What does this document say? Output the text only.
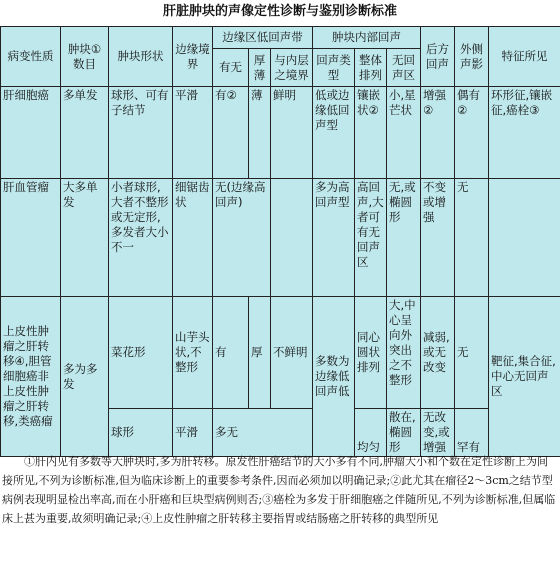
肝脏肿块的声像定性诊断与鉴别诊断标准
病变性质	肿块①数目	肿块形状	边缘境界	边缘区低回声带			肿块内部回声			后方回声	外侧声影	特征所见
				有无	厚薄	与内层之境界	回声类型	整体排列	无回声区			
肝细胞癌	多单发	球形、可有子结节	平滑	有②	薄	鲜明	低或边缘低回声型	镶嵌状②	小,星芒状	增强②	偶有②	环形征,镶嵌征,癌栓③
肝血管瘤	大多单发	小者球形,大者不整形或无定形,多发者大小不一	细锯齿状	无(边缘高回声)			多为高回声型	高回声,大者可有无回声区	无,或椭圆形	不变或增强	无	
上皮性肿瘤之肝转移④,胆管细胞癌非上皮性肿瘤之肝转移,类癌瘤	多为多发	菜花形	山芋头状,不整形	有	厚	不鲜明	多数为边缘低回声低	同心圆状排列	大,中心呈向外突出之不整形	减弱,或无改变	无	靶征,集合征,中心无回声区
		球形	平滑	多无				均匀	散在,椭圆形	无改变,或增强	罕有	
①肝内见有多数等大肿块时,多为肝转移。原发性肝癌结节的大小多有不同,肿瘤大小和个数在定性诊断上为间接所见,不列为诊断标准,但为临床诊断上的重要参考条件,因而必须加以明确记录;②此尤其在瘤径2～3cm之结节型病例表现明显检出率高,而在小肝癌和巨块型病例则否;③癌栓为多发于肝细胞癌之伴随所见,不列为诊断标准,但属临床上甚为重要,故须明确记录;④上皮性肿瘤之肝转移主要指胃或结肠癌之肝转移的典型所见
